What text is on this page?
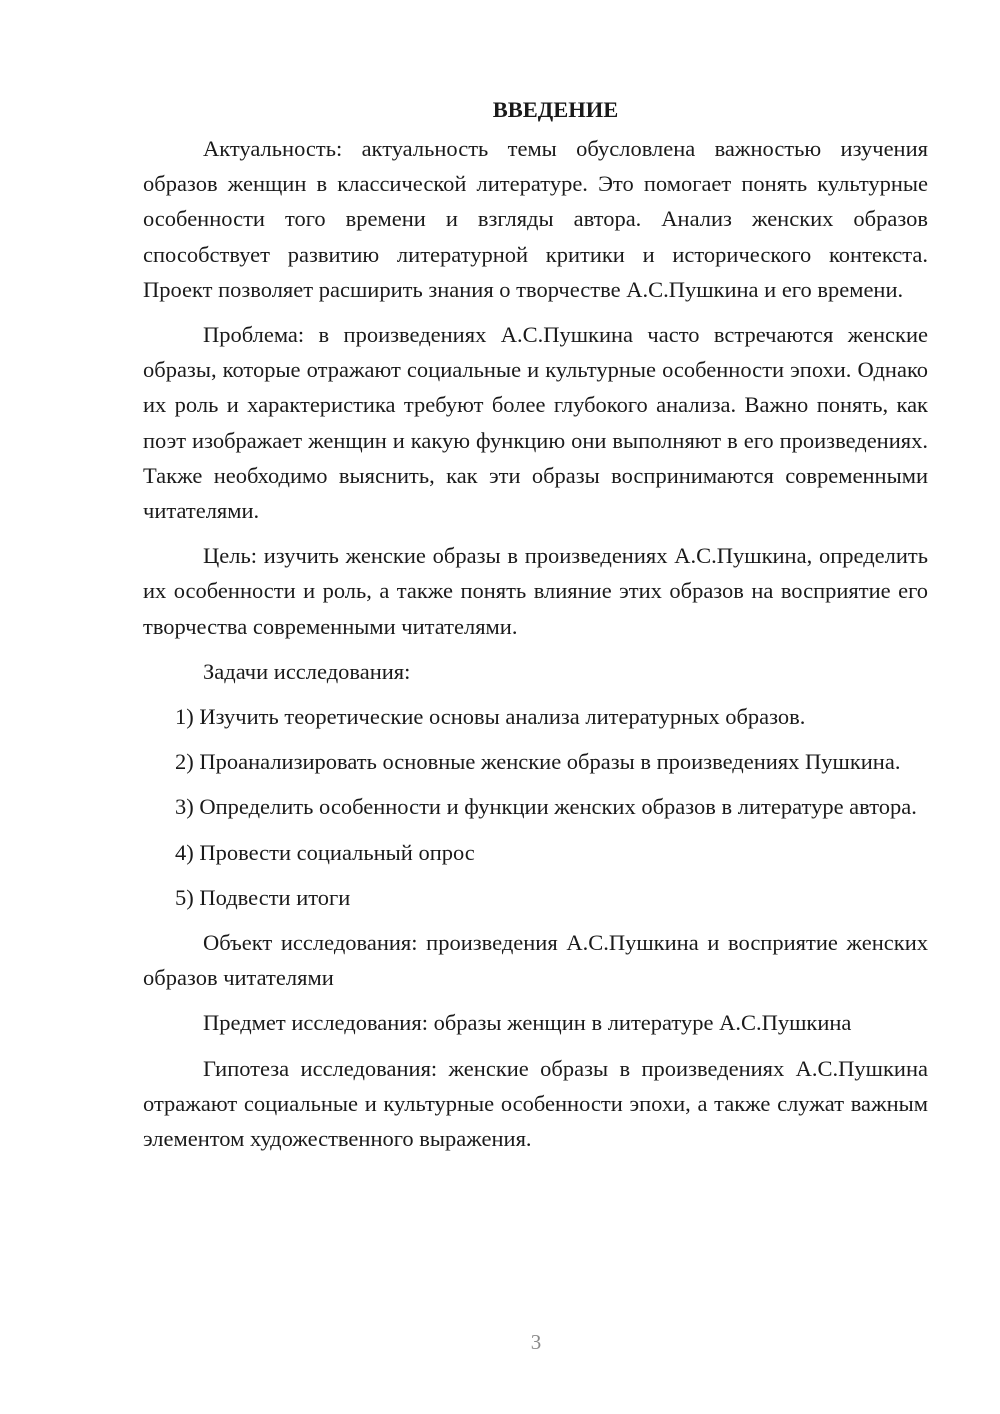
ВВЕДЕНИЕ

Актуальность: актуальность темы обусловлена важностью изучения образов женщин в классической литературе. Это помогает понять культурные особенности того времени и взгляды автора. Анализ женских образов способствует развитию литературной критики и исторического контекста. Проект позволяет расширить знания о творчестве А.С.Пушкина и его времени.

Проблема: в произведениях А.С.Пушкина часто встречаются женские образы, которые отражают социальные и культурные особенности эпохи. Однако их роль и характеристика требуют более глубокого анализа. Важно понять, как поэт изображает женщин и какую функцию они выполняют в его произведениях. Также необходимо выяснить, как эти образы воспринимаются современными читателями.

Цель: изучить женские образы в произведениях А.С.Пушкина, определить их особенности и роль, а также понять влияние этих образов на восприятие его творчества современными читателями.

Задачи исследования:

1) Изучить теоретические основы анализа литературных образов.

2) Проанализировать основные женские образы в произведениях Пушкина.

3) Определить особенности и функции женских образов в литературе автора.

4) Провести социальный опрос

5) Подвести итоги

Объект исследования: произведения А.С.Пушкина и восприятие женских образов читателями

Предмет исследования: образы женщин в литературе А.С.Пушкина

Гипотеза исследования: женские образы в произведениях А.С.Пушкина отражают социальные и культурные особенности эпохи, а также служат важным элементом художественного выражения.

3
